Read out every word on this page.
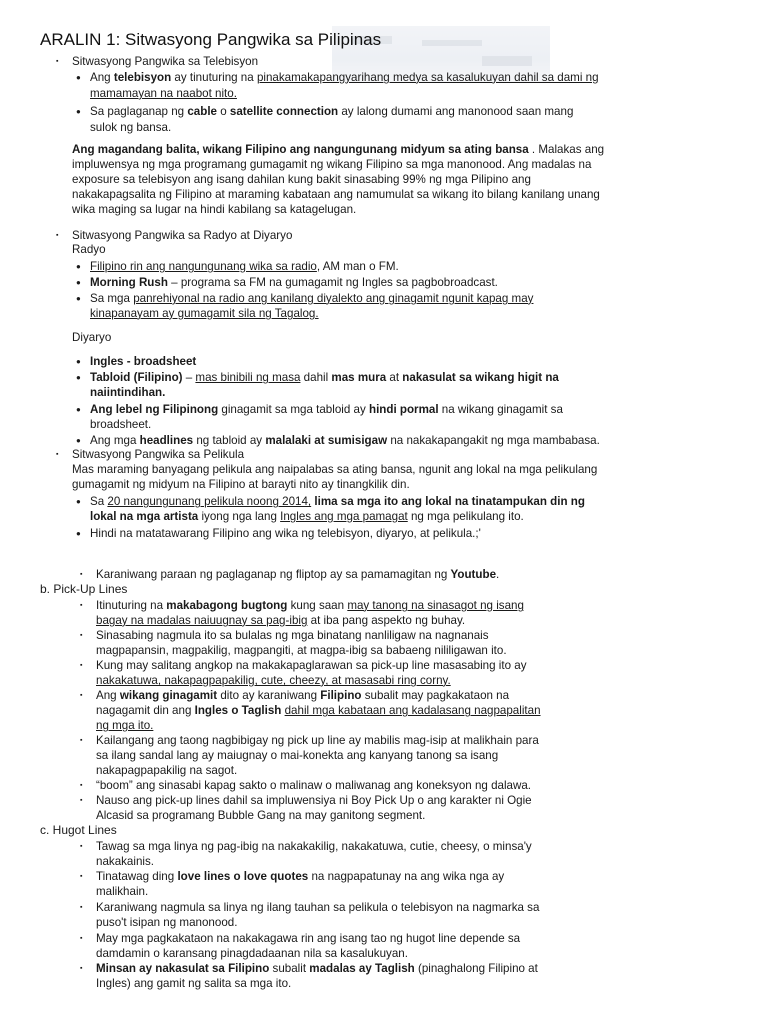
ARALIN 1: Sitwasyong Pangwika sa Pilipinas
▪ Sitwasyong Pangwika sa Telebisyon
● Ang telebisyon ay tinuturing na pinakamakapangyarihang medya sa kasalukuyan dahil sa dami ng
mamamayan na naabot nito.
● Sa paglaganap ng cable o satellite connection ay lalong dumami ang manonood saan mang
sulok ng bansa.
Ang magandang balita, wikang Filipino ang nangungunang midyum sa ating bansa . Malakas ang
impluwensya ng mga programang gumagamit ng wikang Filipino sa mga manonood. Ang madalas na
exposure sa telebisyon ang isang dahilan kung bakit sinasabing 99% ng mga Pilipino ang
nakakapagsalita ng Filipino at maraming kabataan ang namumulat sa wikang ito bilang kanilang unang
wika maging sa lugar na hindi kabilang sa katagelugan.
▪ Sitwasyong Pangwika sa Radyo at Diyaryo
Radyo
● Filipino rin ang nangungunang wika sa radio, AM man o FM.
● Morning Rush – programa sa FM na gumagamit ng Ingles sa pagbobroadcast.
● Sa mga panrehiyonal na radio ang kanilang diyalekto ang ginagamit ngunit kapag may
kinapanayam ay gumagamit sila ng Tagalog.
Diyaryo
● Ingles - broadsheet
● Tabloid (Filipino) – mas binibili ng masa dahil mas mura at nakasulat sa wikang higit na
naiintindihan.
● Ang lebel ng Filipinong ginagamit sa mga tabloid ay hindi pormal na wikang ginagamit sa
broadsheet.
● Ang mga headlines ng tabloid ay malalaki at sumisigaw na nakakapangakit ng mga mambabasa.
▪ Sitwasyong Pangwika sa Pelikula
Mas maraming banyagang pelikula ang naipalabas sa ating bansa, ngunit ang lokal na mga pelikulang
gumagamit ng midyum na Filipino at barayti nito ay tinangkilik din.
● Sa 20 nangungunang pelikula noong 2014, lima sa mga ito ang lokal na tinatampukan din ng
lokal na mga artista iyong nga lang Ingles ang mga pamagat ng mga pelikulang ito.
● Hindi na matatawarang Filipino ang wika ng telebisyon, diyaryo, at pelikula.;'
▪ Karaniwang paraan ng paglaganap ng fliptop ay sa pamamagitan ng Youtube.
b. Pick-Up Lines
▪ Itinuturing na makabagong bugtong kung saan may tanong na sinasagot ng isang
bagay na madalas naiuugnay sa pag-ibig at iba pang aspekto ng buhay.
▪ Sinasabing nagmula ito sa bulalas ng mga binatang nanliligaw na nagnanais
magpapansin, magpakilig, magpangiti, at magpa-ibig sa babaeng nililigawan ito.
▪ Kung may salitang angkop na makakapaglarawan sa pick-up line masasabing ito ay
nakakatuwa, nakapagpapakilig, cute, cheezy, at masasabi ring corny.
▪ Ang wikang ginagamit dito ay karaniwang Filipino subalit may pagkakataon na
nagagamit din ang Ingles o Taglish dahil mga kabataan ang kadalasang nagpapalitan
ng mga ito.
▪ Kailangang ang taong nagbibigay ng pick up line ay mabilis mag-isip at malikhain para
sa ilang sandal lang ay maiugnay o mai-konekta ang kanyang tanong sa isang
nakapagpapakilig na sagot.
▪ “boom” ang sinasabi kapag sakto o malinaw o maliwanag ang koneksyon ng dalawa.
▪ Nauso ang pick-up lines dahil sa impluwensiya ni Boy Pick Up o ang karakter ni Ogie
Alcasid sa programang Bubble Gang na may ganitong segment.
c. Hugot Lines
▪ Tawag sa mga linya ng pag-ibig na nakakakilig, nakakatuwa, cutie, cheesy, o minsa'y
nakakainis.
▪ Tinatawag ding love lines o love quotes na nagpapatunay na ang wika nga ay
malikhain.
▪ Karaniwang nagmula sa linya ng ilang tauhan sa pelikula o telebisyon na nagmarka sa
puso't isipan ng manonood.
▪ May mga pagkakataon na nakakagawa rin ang isang tao ng hugot line depende sa
damdamin o karansang pinagdadaanan nila sa kasalukuyan.
▪ Minsan ay nakasulat sa Filipino subalit madalas ay Taglish (pinaghalong Filipino at
Ingles) ang gamit ng salita sa mga ito.
